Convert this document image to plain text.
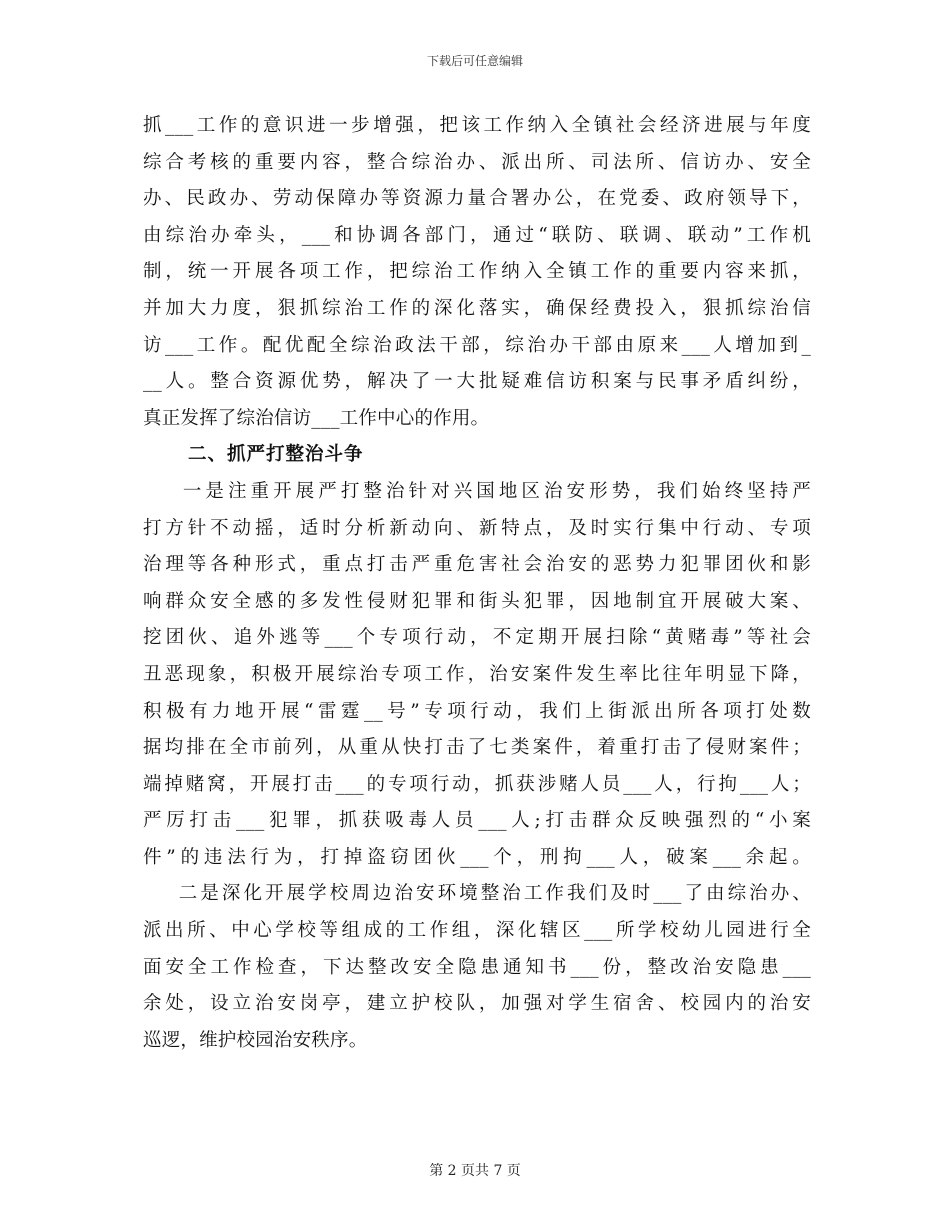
下载后可任意编辑
抓___工作的意识进一步增强，把该工作纳入全镇社会经济进展与年度
综合考核的重要内容，整合综治办、派出所、司法所、信访办、安全
办、民政办、劳动保障办等资源力量合署办公，在党委、政府领导下，
由综治办牵头，___和协调各部门，通过“联防、联调、联动”工作机
制，统一开展各项工作，把综治工作纳入全镇工作的重要内容来抓，
并加大力度，狠抓综治工作的深化落实，确保经费投入，狠抓综治信
访___工作。配优配全综治政法干部，综治办干部由原来___人增加到_
__人。整合资源优势，解决了一大批疑难信访积案与民事矛盾纠纷，
真正发挥了综治信访___工作中心的作用。
二、抓严打整治斗争
一是注重开展严打整治针对兴国地区治安形势，我们始终坚持严
打方针不动摇，适时分析新动向、新特点，及时实行集中行动、专项
治理等各种形式，重点打击严重危害社会治安的恶势力犯罪团伙和影
响群众安全感的多发性侵财犯罪和街头犯罪，因地制宜开展破大案、
挖团伙、追外逃等___个专项行动，不定期开展扫除“黄赌毒”等社会
丑恶现象，积极开展综治专项工作，治安案件发生率比往年明显下降，
积极有力地开展“雷霆__号”专项行动，我们上街派出所各项打处数
据均排在全市前列，从重从快打击了七类案件，着重打击了侵财案件；
端掉赌窝，开展打击___的专项行动，抓获涉赌人员___人，行拘___人；
严厉打击___犯罪，抓获吸毒人员___人;打击群众反映强烈的“小案
件”的违法行为，打掉盗窃团伙___个，刑拘___人，破案___余起。
二是深化开展学校周边治安环境整治工作我们及时___了由综治办、
派出所、中心学校等组成的工作组，深化辖区___所学校幼儿园进行全
面安全工作检查，下达整改安全隐患通知书___份，整改治安隐患___
余处，设立治安岗亭，建立护校队，加强对学生宿舍、校园内的治安
巡逻，维护校园治安秩序。
第 2 页共 7 页
